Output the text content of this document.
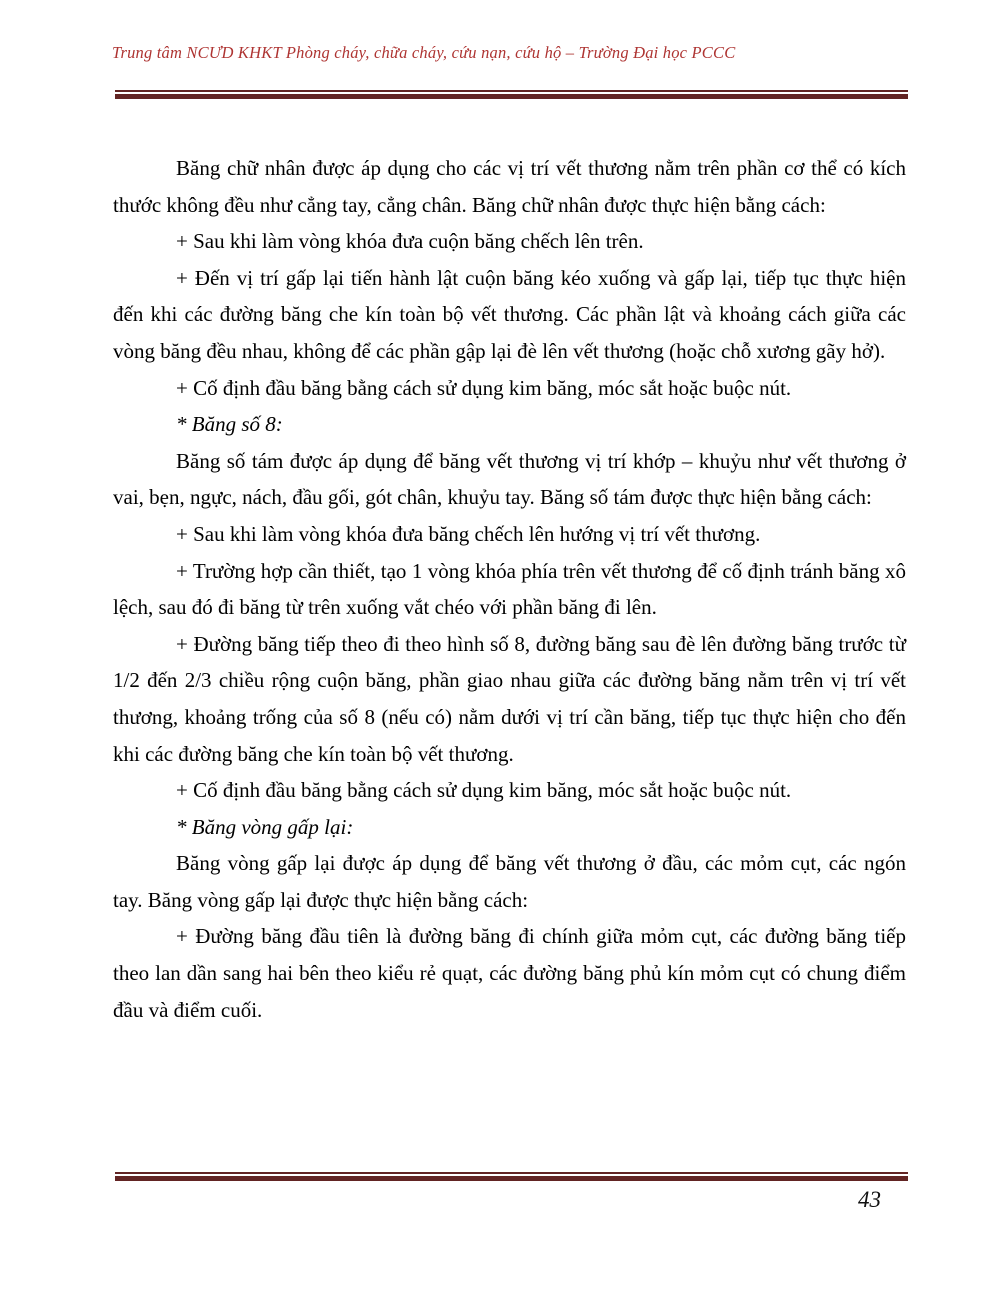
Trung tâm NCƯD KHKT Phòng cháy, chữa cháy, cứu nạn, cứu hộ – Trường Đại học PCCC

Băng chữ nhân được áp dụng cho các vị trí vết thương nằm trên phần cơ thể có kích thước không đều như cẳng tay, cẳng chân. Băng chữ nhân được thực hiện bằng cách:

+ Sau khi làm vòng khóa đưa cuộn băng chếch lên trên.

+ Đến vị trí gấp lại tiến hành lật cuộn băng kéo xuống và gấp lại, tiếp tục thực hiện đến khi các đường băng che kín toàn bộ vết thương. Các phần lật và khoảng cách giữa các vòng băng đều nhau, không để các phần gập lại đè lên vết thương (hoặc chỗ xương gãy hở).

+ Cố định đầu băng bằng cách sử dụng kim băng, móc sắt hoặc buộc nút.

* Băng số 8:

Băng số tám được áp dụng để băng vết thương vị trí khớp – khuỷu như vết thương ở vai, bẹn, ngực, nách, đầu gối, gót chân, khuỷu tay. Băng số tám được thực hiện bằng cách:

+ Sau khi làm vòng khóa đưa băng chếch lên hướng vị trí vết thương.

+ Trường hợp cần thiết, tạo 1 vòng khóa phía trên vết thương để cố định tránh băng xô lệch, sau đó đi băng từ trên xuống vắt chéo với phần băng đi lên.

+ Đường băng tiếp theo đi theo hình số 8, đường băng sau đè lên đường băng trước từ 1/2 đến 2/3 chiều rộng cuộn băng, phần giao nhau giữa các đường băng nằm trên vị trí vết thương, khoảng trống của số 8 (nếu có) nằm dưới vị trí cần băng, tiếp tục thực hiện cho đến khi các đường băng che kín toàn bộ vết thương.

+ Cố định đầu băng bằng cách sử dụng kim băng, móc sắt hoặc buộc nút.

* Băng vòng gấp lại:

Băng vòng gấp lại được áp dụng để băng vết thương ở đầu, các mỏm cụt, các ngón tay. Băng vòng gấp lại được thực hiện bằng cách:

+ Đường băng đầu tiên là đường băng đi chính giữa mỏm cụt, các đường băng tiếp theo lan dần sang hai bên theo kiểu rẻ quạt, các đường băng phủ kín mỏm cụt có chung điểm đầu và điểm cuối.

43
